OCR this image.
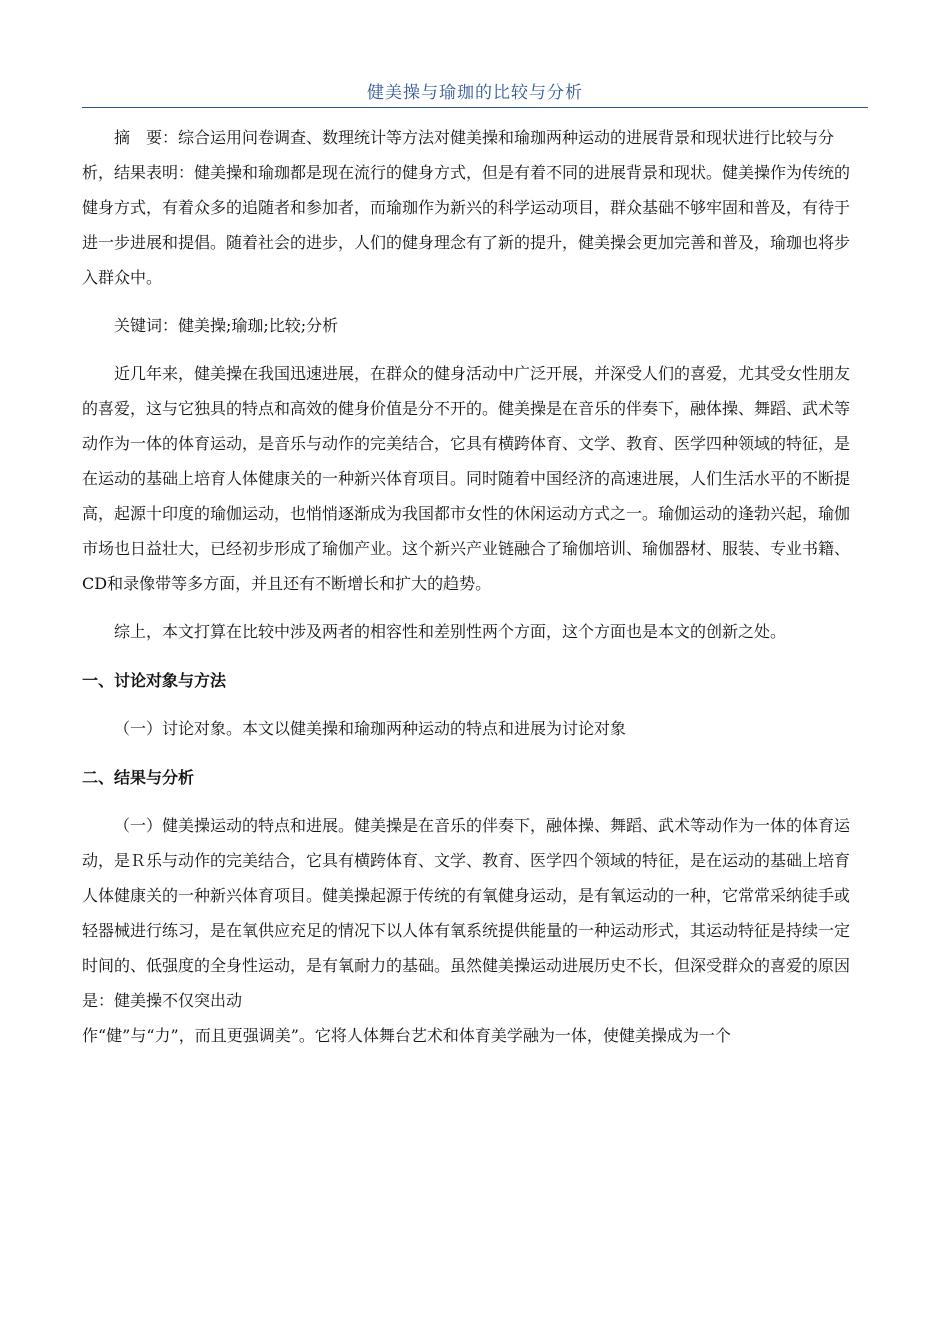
健美操与瑜珈的比较与分析

摘　要：综合运用问卷调查、数理统计等方法对健美操和瑜珈两种运动的进展背景和现状进行比较与分析，结果表明：健美操和瑜珈都是现在流行的健身方式，但是有着不同的进展背景和现状。健美操作为传统的健身方式，有着众多的追随者和参加者，而瑜珈作为新兴的科学运动项目，群众基础不够牢固和普及，有待于进一步进展和提倡。随着社会的进步，人们的健身理念有了新的提升，健美操会更加完善和普及，瑜珈也将步入群众中。

关键词：健美操;瑜珈;比较;分析

近几年来，健美操在我国迅速进展，在群众的健身活动中广泛开展，并深受人们的喜爱，尤其受女性朋友的喜爱，这与它独具的特点和高效的健身价值是分不开的。健美操是在音乐的伴奏下，融体操、舞蹈、武术等动作为一体的体育运动，是音乐与动作的完美结合，它具有横跨体育、文学、教育、医学四种领域的特征，是在运动的基础上培育人体健康关的一种新兴体育项目。同时随着中国经济的高速进展，人们生活水平的不断提高，起源十印度的瑜伽运动，也悄悄逐渐成为我国都市女性的休闲运动方式之一。瑜伽运动的逢勃兴起，瑜伽市场也日益壮大，已经初步形成了瑜伽产业。这个新兴产业链融合了瑜伽培训、瑜伽器材、服装、专业书籍、CD和录像带等多方面，并且还有不断增长和扩大的趋势。

综上，本文打算在比较中涉及两者的相容性和差别性两个方面，这个方面也是本文的创新之处。

一、讨论对象与方法

（一）讨论对象。本文以健美操和瑜珈两种运动的特点和进展为讨论对象

二、结果与分析

（一）健美操运动的特点和进展。健美操是在音乐的伴奏下，融体操、舞蹈、武术等动作为一体的体育运动，是Ｒ乐与动作的完美结合，它具有横跨体育、文学、教育、医学四个领域的特征，是在运动的基础上培育人体健康关的一种新兴体育项目。健美操起源于传统的有氧健身运动，是有氧运动的一种，它常常采纳徒手或轻器械进行练习，是在氧供应充足的情况下以人体有氧系统提供能量的一种运动形式，其运动特征是持续一定时间的、低强度的全身性运动，是有氧耐力的基础。虽然健美操运动进展历史不长，但深受群众的喜爱的原因是：健美操不仅突出动

作“健”与“力”，而且更强调美”。它将人体舞台艺术和体育美学融为一体，使健美操成为一个
